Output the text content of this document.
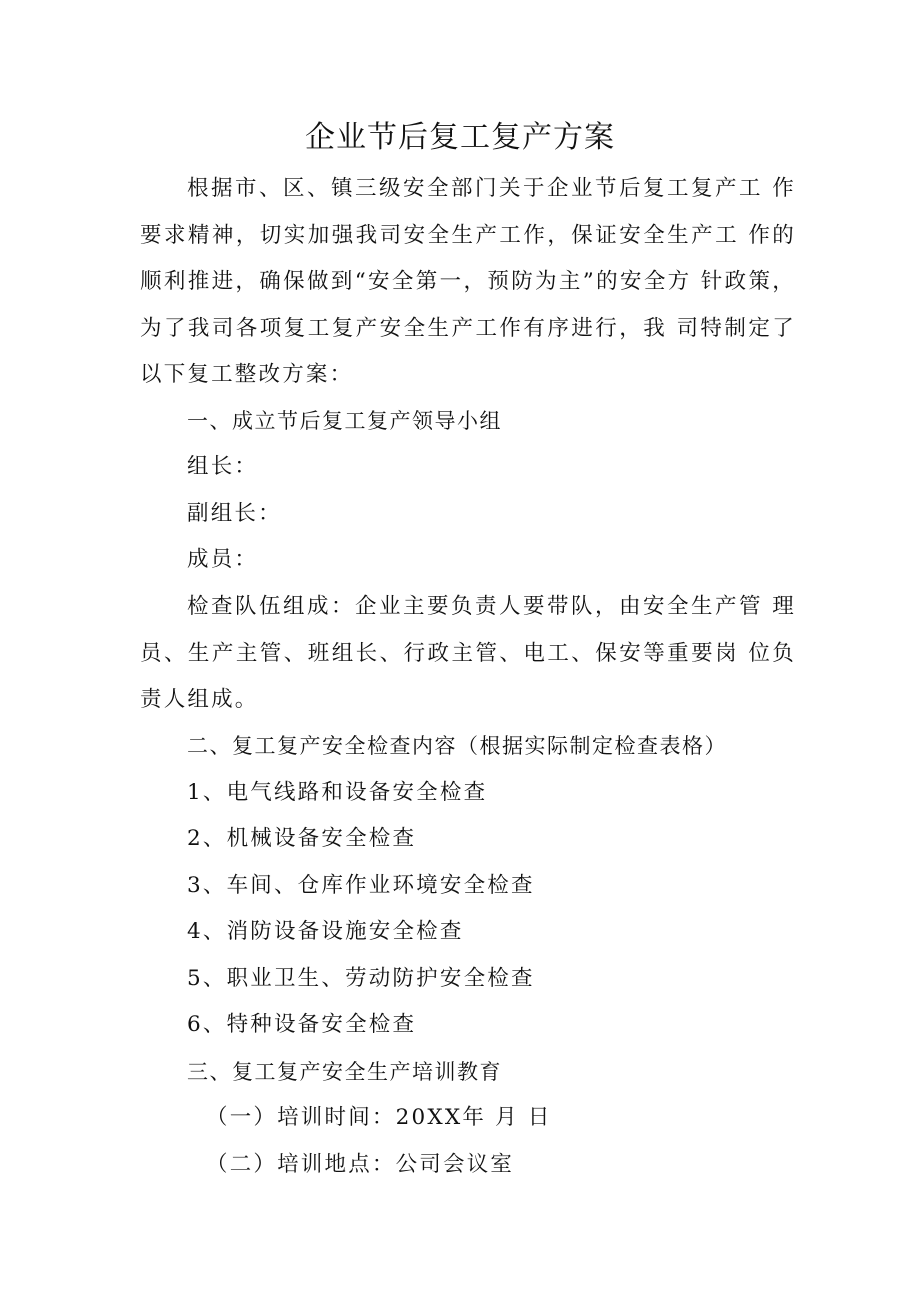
企业节后复工复产方案

根据市、区、镇三级安全部门关于企业节后复工复产工 作要求精神，切实加强我司安全生产工作，保证安全生产工 作的顺利推进，确保做到“安全第一，预防为主”的安全方 针政策，为了我司各项复工复产安全生产工作有序进行，我 司特制定了以下复工整改方案：

一、成立节后复工复产领导小组
组长：
副组长：
成员：
检查队伍组成：企业主要负责人要带队，由安全生产管 理员、生产主管、班组长、行政主管、电工、保安等重要岗 位负责人组成。
二、复工复产安全检查内容（根据实际制定检查表格）
1、电气线路和设备安全检查
2、机械设备安全检查
3、车间、仓库作业环境安全检查
4、消防设备设施安全检查
5、职业卫生、劳动防护安全检查
6、特种设备安全检查
三、复工复产安全生产培训教育
（一）培训时间：20XX年 月 日
（二）培训地点：公司会议室
